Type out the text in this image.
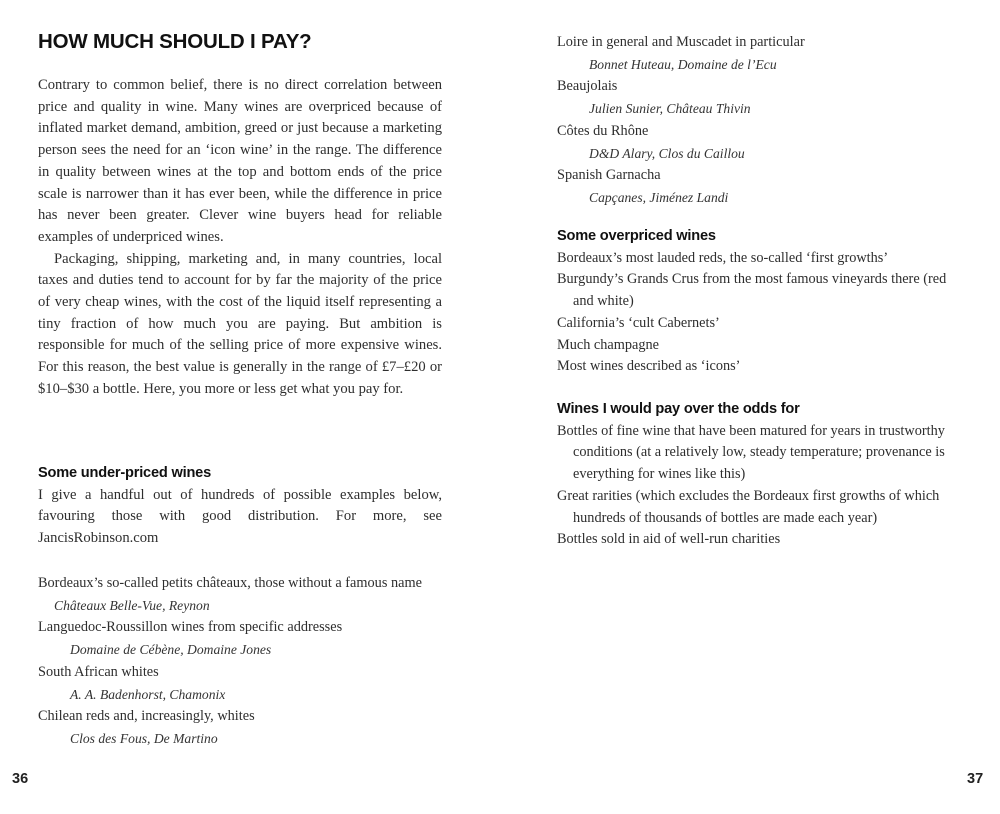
HOW MUCH SHOULD I PAY?

Contrary to common belief, there is no direct correlation between price and quality in wine. Many wines are overpriced because of inflated market demand, ambition, greed or just because a marketing person sees the need for an ‘icon wine’ in the range. The difference in quality between wines at the top and bottom ends of the price scale is narrower than it has ever been, while the difference in price has never been greater. Clever wine buyers head for reliable examples of underpriced wines.

Packaging, shipping, marketing and, in many countries, local taxes and duties tend to account for by far the majority of the price of very cheap wines, with the cost of the liquid itself representing a tiny fraction of how much you are paying. But ambition is responsible for much of the selling price of more expensive wines. For this reason, the best value is generally in the range of £7–£20 or $10–$30 a bottle. Here, you more or less get what you pay for.

Some under-priced wines

I give a handful out of hundreds of possible examples below, favouring those with good distribution. For more, see JancisRobinson.com

Bordeaux’s so-called petits châteaux, those without a famous name Châteaux Belle-Vue, Reynon
Languedoc-Roussillon wines from specific addresses
Domaine de Cébène, Domaine Jones
South African whites
A. A. Badenhorst, Chamonix
Chilean reds and, increasingly, whites
Clos des Fous, De Martino
36
Loire in general and Muscadet in particular
Bonnet Huteau, Domaine de l’Ecu
Beaujolais
Julien Sunier, Château Thivin
Côtes du Rhône
D&D Alary, Clos du Caillou
Spanish Garnacha
Capçanes, Jiménez Landi
Some overpriced wines
Bordeaux’s most lauded reds, the so-called ‘first growths’
Burgundy’s Grands Crus from the most famous vineyards there (red and white)
California’s ‘cult Cabernets’
Much champagne
Most wines described as ‘icons’
Wines I would pay over the odds for
Bottles of fine wine that have been matured for years in trustworthy conditions (at a relatively low, steady temperature; provenance is everything for wines like this)
Great rarities (which excludes the Bordeaux first growths of which hundreds of thousands of bottles are made each year)
Bottles sold in aid of well-run charities
37
